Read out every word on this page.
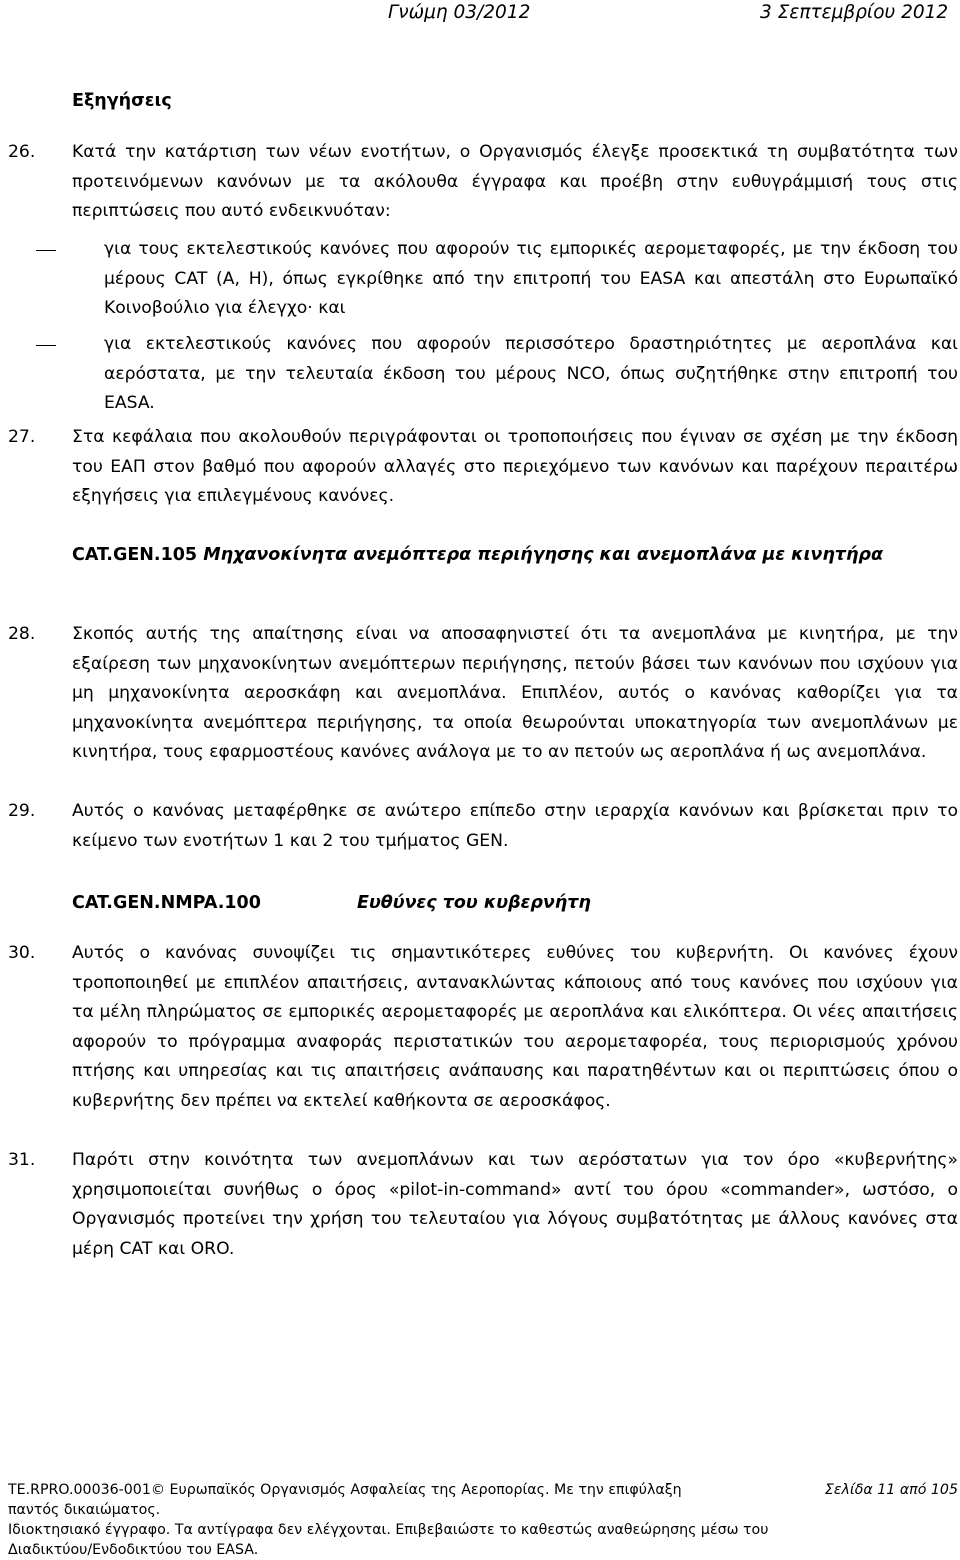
Γνώμη 03/2012	3 Σεπτεμβρίου 2012
Εξηγήσεις
26. Κατά την κατάρτιση των νέων ενοτήτων, ο Οργανισμός έλεγξε προσεκτικά τη συμβατότητα των προτεινόμενων κανόνων με τα ακόλουθα έγγραφα και προέβη στην ευθυγράμμισή τους στις περιπτώσεις που αυτό ενδεικνυόταν:
για τους εκτελεστικούς κανόνες που αφορούν τις εμπορικές αερομεταφορές, με την έκδοση του μέρους CAT (A, H), όπως εγκρίθηκε από την επιτροπή του EASA και απεστάλη στο Ευρωπαϊκό Κοινοβούλιο για έλεγχο· και
για εκτελεστικούς κανόνες που αφορούν περισσότερο δραστηριότητες με αεροπλάνα και αερόστατα, με την τελευταία έκδοση του μέρους NCO, όπως συζητήθηκε στην επιτροπή του EASA.
27. Στα κεφάλαια που ακολουθούν περιγράφονται οι τροποποιήσεις που έγιναν σε σχέση με την έκδοση του ΕΑΠ στον βαθμό που αφορούν αλλαγές στο περιεχόμενο των κανόνων και παρέχουν περαιτέρω εξηγήσεις για επιλεγμένους κανόνες.
CAT.GEN.105 Μηχανοκίνητα ανεμόπτερα περιήγησης και ανεμοπλάνα με κινητήρα
28. Σκοπός αυτής της απαίτησης είναι να αποσαφηνιστεί ότι τα ανεμοπλάνα με κινητήρα, με την εξαίρεση των μηχανοκίνητων ανεμόπτερων περιήγησης, πετούν βάσει των κανόνων που ισχύουν για μη μηχανοκίνητα αεροσκάφη και ανεμοπλάνα. Επιπλέον, αυτός ο κανόνας καθορίζει για τα μηχανοκίνητα ανεμόπτερα περιήγησης, τα οποία θεωρούνται υποκατηγορία των ανεμοπλάνων με κινητήρα, τους εφαρμοστέους κανόνες ανάλογα με το αν πετούν ως αεροπλάνα ή ως ανεμοπλάνα.
29. Αυτός ο κανόνας μεταφέρθηκε σε ανώτερο επίπεδο στην ιεραρχία κανόνων και βρίσκεται πριν το κείμενο των ενοτήτων 1 και 2 του τμήματος GEN.
CAT.GEN.NMPA.100	Ευθύνες του κυβερνήτη
30. Αυτός ο κανόνας συνοψίζει τις σημαντικότερες ευθύνες του κυβερνήτη. Οι κανόνες έχουν τροποποιηθεί με επιπλέον απαιτήσεις, αντανακλώντας κάποιους από τους κανόνες που ισχύουν για τα μέλη πληρώματος σε εμπορικές αερομεταφορές με αεροπλάνα και ελικόπτερα. Οι νέες απαιτήσεις αφορούν το πρόγραμμα αναφοράς περιστατικών του αερομεταφορέα, τους περιορισμούς χρόνου πτήσης και υπηρεσίας και τις απαιτήσεις ανάπαυσης και παρατηθέντων και οι περιπτώσεις όπου ο κυβερνήτης δεν πρέπει να εκτελεί καθήκοντα σε αεροσκάφος.
31. Παρότι στην κοινότητα των ανεμοπλάνων και των αερόστατων για τον όρο «κυβερνήτης» χρησιμοποιείται συνήθως ο όρος «pilot-in-command» αντί του όρου «commander», ωστόσο, ο Οργανισμός προτείνει την χρήση του τελευταίου για λόγους συμβατότητας με άλλους κανόνες στα μέρη CAT και ORO.
TE.RPRO.00036-001© Ευρωπαϊκός Οργανισμός Ασφαλείας της Αεροπορίας. Με την επιφύλαξη
παντός δικαιώματος.
Ιδιοκτησιακό έγγραφο. Τα αντίγραφα δεν ελέγχονται. Επιβεβαιώστε το καθεστώς αναθεώρησης μέσω του
Διαδικτύου/Ενδοδικτύου του EASA.
Σελίδα 11 από 105
